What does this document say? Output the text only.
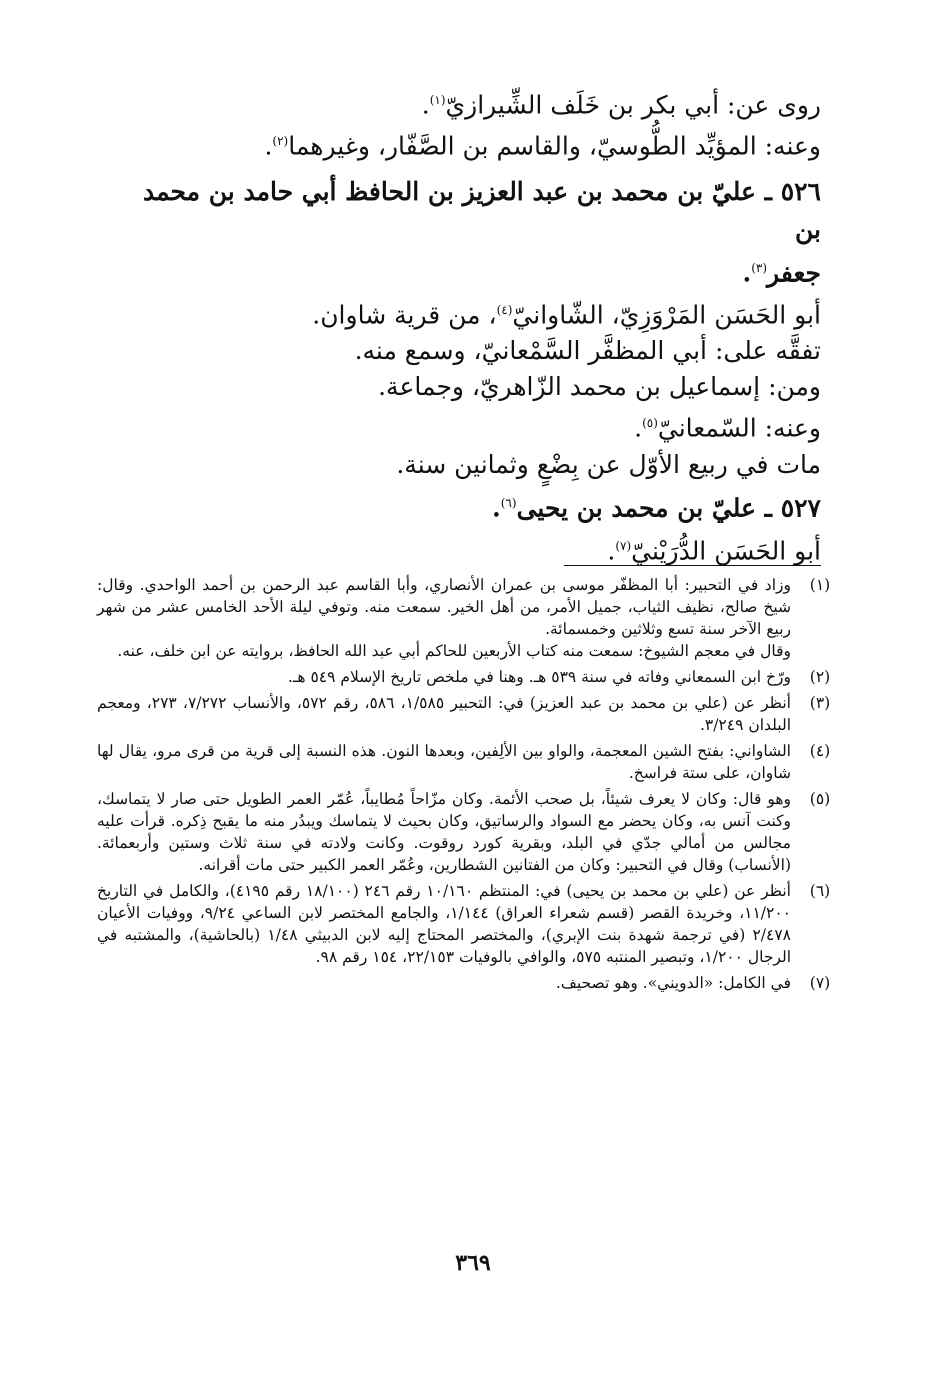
روى عن: أبي بكر بن خَلَف الشِّيرازيّ$^{(١)}$.
وعنه: المؤيِّد الطُّوسيّ، والقاسم بن الصَّفّار، وغيرهما$^{(٢)}$.
٥٢٦ ـ عليّ بن محمد بن عبد العزيز بن الحافظ أبي حامد بن محمد بن
جعفر$^{(٣)}$.
أبو الحَسَن المَرْوَزِيّ، الشّاوانيّ$^{(٤)}$، من قرية شاوان.
تفقَّه على: أبي المظفَّر السَّمْعانيّ، وسمع منه.
ومن: إسماعيل بن محمد الزّاهريّ، وجماعة.
وعنه: السّمعانيّ$^{(٥)}$.
مات في ربيع الأوّل عن بِضْعٍ وثمانين سنة.
٥٢٧ ـ عليّ بن محمد بن يحيى$^{(٦)}$.
أبو الحَسَن الدُّرَيْنيّ$^{(٧)}$.
(١)
وزاد في التحبير: أبا المظفّر موسى بن عمران الأنصاري، وأبا القاسم عبد الرحمن بن أحمد الواحدي. وقال: شيخ صالح، نظيف الثياب، جميل الأمر، من أهل الخير. سمعت منه. وتوفي ليلة الأحد الخامس عشر من شهر ربيع الآخر سنة تسع وثلاثين وخمسمائة.
وقال في معجم الشيوخ: سمعت منه كتاب الأربعين للحاكم أبي عبد الله الحافظ، بروايته عن ابن خلف، عنه.
(٢)
ورّخ ابن السمعاني وفاته في سنة ٥٣٩ هـ. وهنا في ملخص تاريخ الإسلام ٥٤٩ هـ.
(٣)
أنظر عن (علي بن محمد بن عبد العزيز) في: التحبير ١/٥٨٥، ٥٨٦، رقم ٥٧٢، والأنساب ٧/٢٧٢، ٢٧٣، ومعجم البلدان ٣/٢٤٩.
(٤)
الشاواني: بفتح الشين المعجمة، والواو بين الألِفين، وبعدها النون. هذه النسبة إلى قرية من قرى مرو، يقال لها شاوان، على ستة فراسخ.
(٥)
وهو قال: وكان لا يعرف شيئاً، بل صحب الأئمة. وكان مزّاحاً مُطايباً، عُمّر العمر الطويل حتى صار لا يتماسك، وكنت آنس به، وكان يحضر مع السواد والرساتيق، وكان بحيث لا يتماسك ويبدُر منه ما يقبح ذِكره. قرأت عليه مجالس من أمالي جدّي في البلد، وبقرية كورد روقوت. وكانت ولادته في سنة ثلاث وستين وأربعمائة. (الأنساب) وقال في التحبير: وكان من الفتانين الشطارين، وعُمّر العمر الكبير حتى مات أقرانه.
(٦)
أنظر عن (علي بن محمد بن يحيى) في: المنتظم ١٠/١٦٠ رقم ٢٤٦ (١٨/١٠٠ رقم ٤١٩٥)، والكامل في التاريخ ١١/٢٠٠، وخريدة القصر (قسم شعراء العراق) ١/١٤٤، والجامع المختصر لابن الساعي ٩/٢٤، ووفيات الأعيان ٢/٤٧٨ (في ترجمة شهدة بنت الإبري)، والمختصر المحتاج إليه لابن الدبيثي ١/٤٨ (بالحاشية)، والمشتبه في الرجال ١/٢٠٠، وتبصير المنتبه ٥٧٥، والوافي بالوفيات ٢٢/١٥٣، ١٥٤ رقم ٩٨.
(٧)
في الكامل: «الدويني». وهو تصحيف.
٣٦٩
